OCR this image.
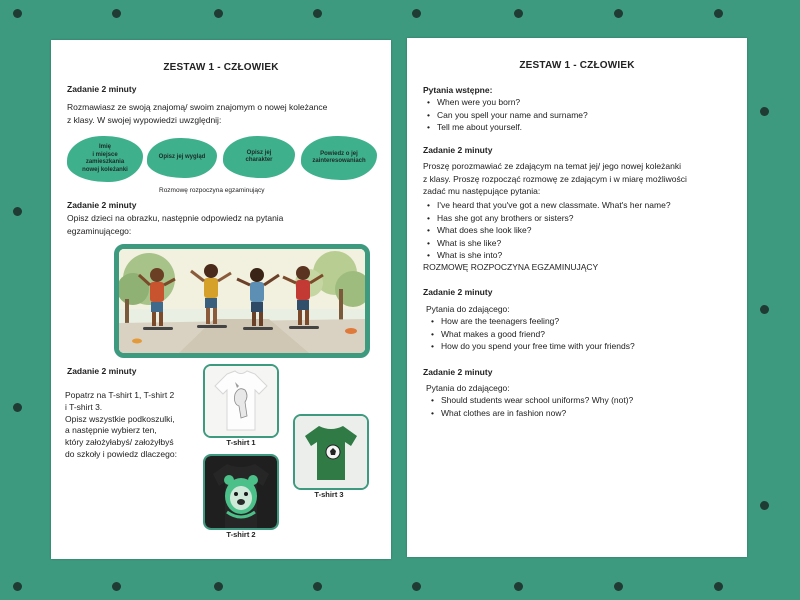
ZESTAW 1 - CZŁOWIEK
Zadanie 2 minuty
Rozmawiasz ze swoją znajomą/ swoim znajomym o nowej koleżance
z klasy. W swojej wypowiedzi uwzględnij:
Imię
i miejsce
zamieszkania
nowej koleżanki
Opisz jej wygląd
Opisz jej
charakter
Powiedz o jej
zainteresowaniach
Rozmowę rozpoczyna egzaminujący
Zadanie 2 minuty
Opisz dzieci na obrazku, następnie odpowiedz na pytania
egzaminującego:
Zadanie 2 minuty
Popatrz na T-shirt 1, T-shirt 2
i T-shirt 3.
Opisz wszystkie podkoszulki,
a następnie wybierz ten,
który założyłabyś/ założyłbyś
do szkoły i powiedz dlaczego:
T-shirt 1
T-shirt 2
T-shirt 3
ZESTAW 1 - CZŁOWIEK
Pytania wstępne:
• When were you born?
• Can you spell your name and surname?
• Tell me about yourself.
Zadanie 2 minuty
Proszę porozmawiać ze zdającym na temat jej/ jego nowej koleżanki
z klasy. Proszę rozpocząć rozmowę ze zdającym i w miarę możliwości
zadać mu następujące pytania:
• I've heard that you've got a new classmate. What's her name?
• Has she got any brothers or sisters?
• What does she look like?
• What is she like?
• What is she into?
ROZMOWĘ ROZPOCZYNA EGZAMINUJĄCY
Zadanie 2 minuty
Pytania do zdającego:
• How are the teenagers feeling?
• What makes a good friend?
• How do you spend your free time with your friends?
Zadanie 2 minuty
Pytania do zdającego:
• Should students wear school uniforms? Why (not)?
• What clothes are in fashion now?
